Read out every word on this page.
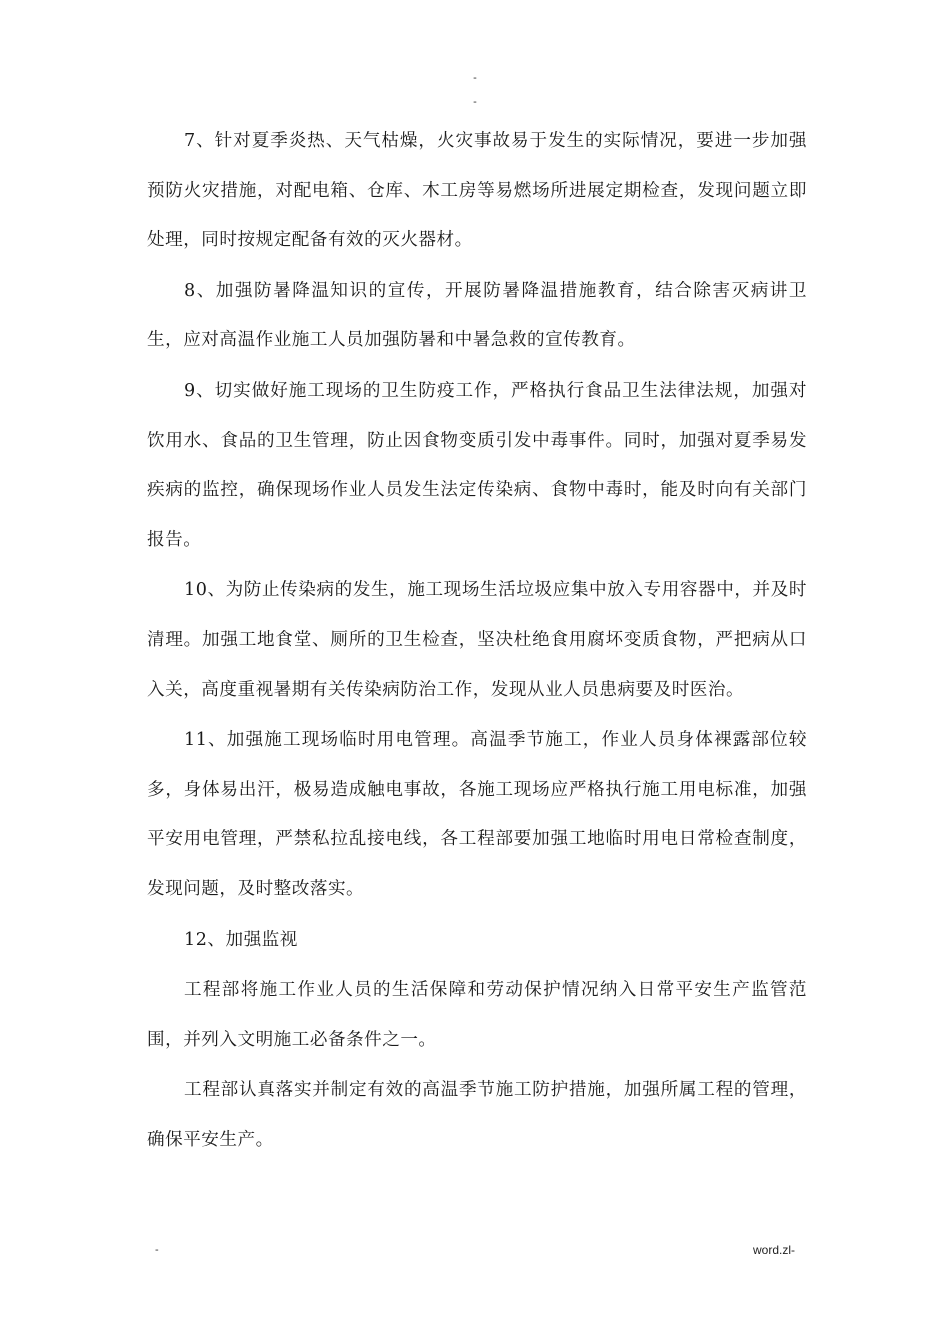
-
-

7、针对夏季炎热、天气枯燥，火灾事故易于发生的实际情况，要进一步加强预防火灾措施，对配电箱、仓库、木工房等易燃场所进展定期检查，发现问题立即处理，同时按规定配备有效的灭火器材。

8、加强防暑降温知识的宣传，开展防暑降温措施教育，结合除害灭病讲卫生，应对高温作业施工人员加强防暑和中暑急救的宣传教育。

9、切实做好施工现场的卫生防疫工作，严格执行食品卫生法律法规，加强对饮用水、食品的卫生管理，防止因食物变质引发中毒事件。同时，加强对夏季易发疾病的监控，确保现场作业人员发生法定传染病、食物中毒时，能及时向有关部门报告。

10、为防止传染病的发生，施工现场生活垃圾应集中放入专用容器中，并及时清理。加强工地食堂、厕所的卫生检查，坚决杜绝食用腐坏变质食物，严把病从口入关，高度重视暑期有关传染病防治工作，发现从业人员患病要及时医治。

11、加强施工现场临时用电管理。高温季节施工，作业人员身体裸露部位较多，身体易出汗，极易造成触电事故，各施工现场应严格执行施工用电标准，加强平安用电管理，严禁私拉乱接电线，各工程部要加强工地临时用电日常检查制度，发现问题，及时整改落实。

12、加强监视

工程部将施工作业人员的生活保障和劳动保护情况纳入日常平安生产监管范围，并列入文明施工必备条件之一。

工程部认真落实并制定有效的高温季节施工防护措施，加强所属工程的管理，确保平安生产。

-	word.zl-
